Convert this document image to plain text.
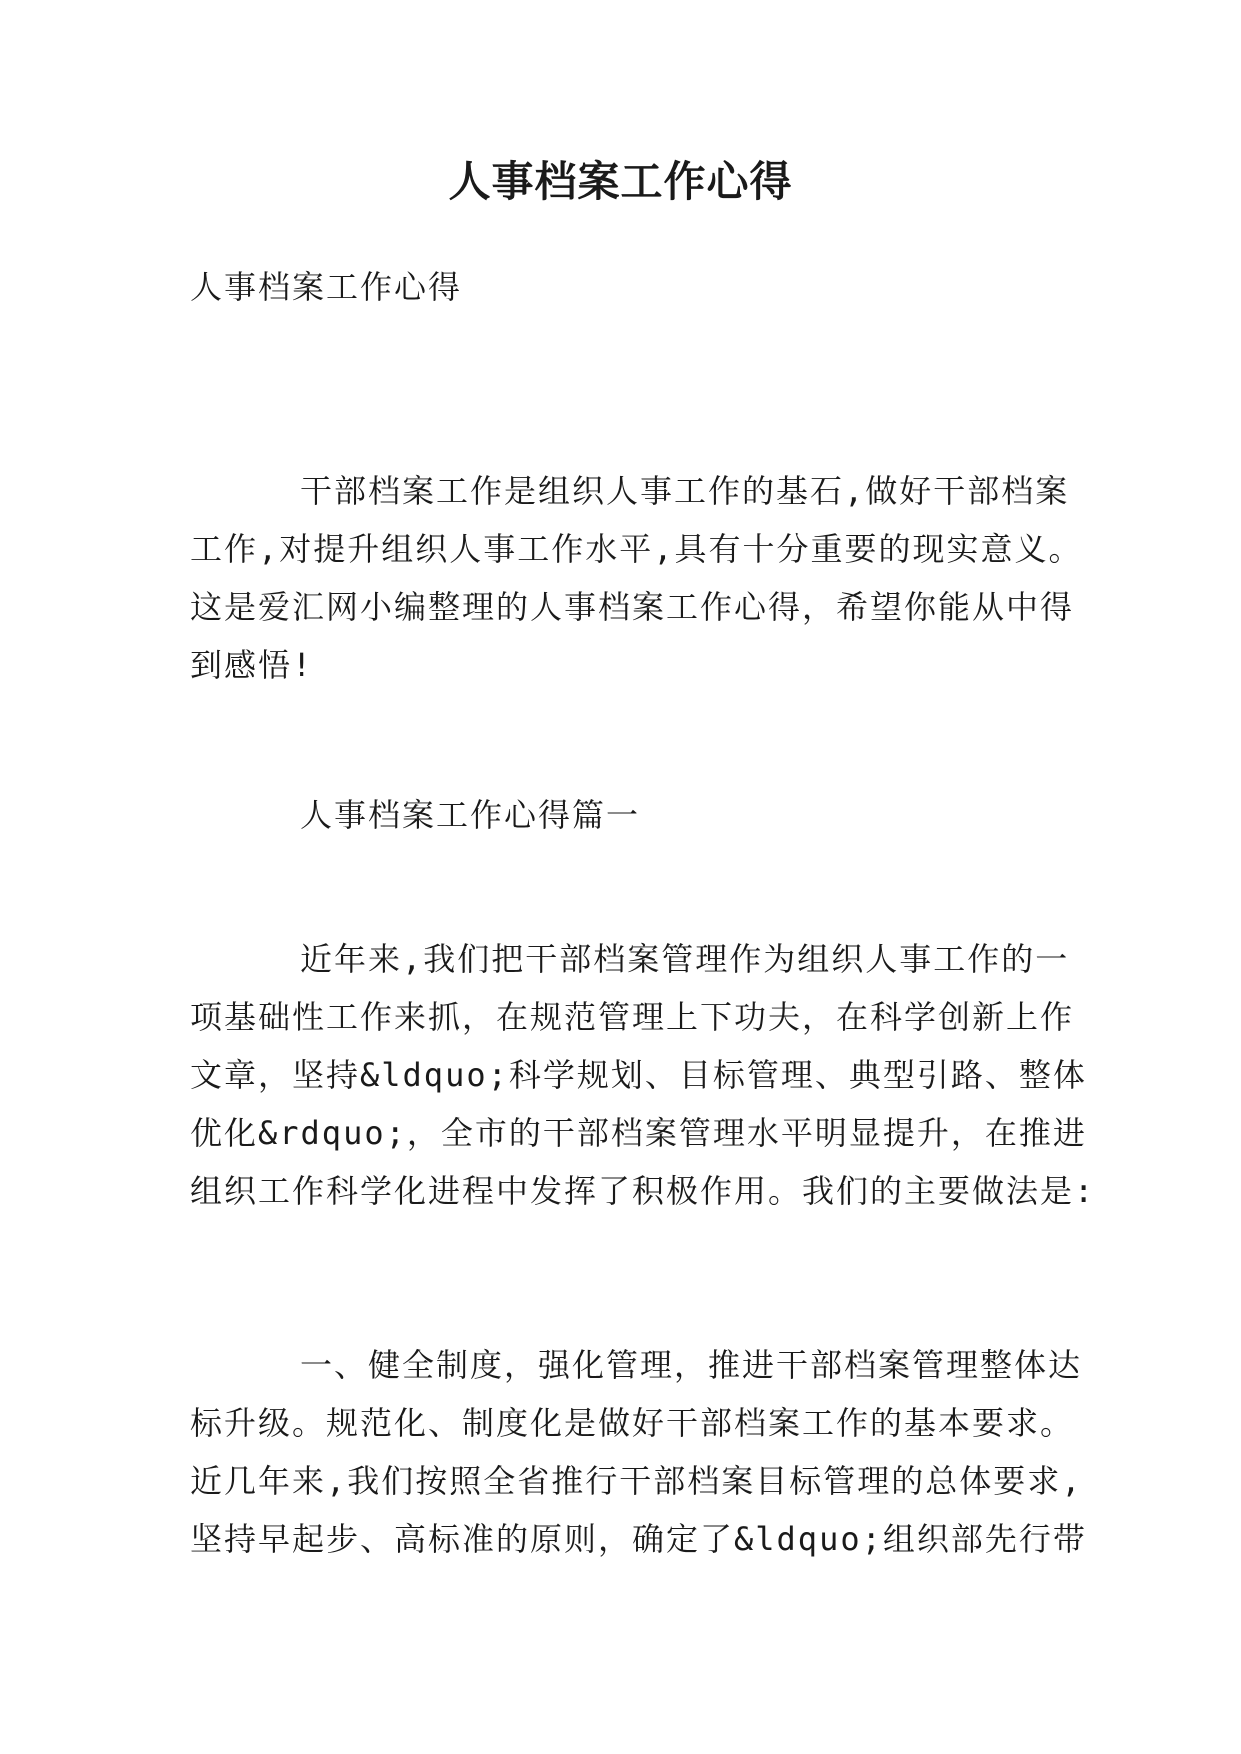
人事档案工作心得
人事档案工作心得
干部档案工作是组织人事工作的基石,做好干部档案
工作,对提升组织人事工作水平,具有十分重要的现实意义。
这是爱汇网小编整理的人事档案工作心得，希望你能从中得
到感悟!
人事档案工作心得篇一
近年来,我们把干部档案管理作为组织人事工作的一
项基础性工作来抓，在规范管理上下功夫，在科学创新上作
文章，坚持&ldquo;科学规划、目标管理、典型引路、整体
优化&rdquo;，全市的干部档案管理水平明显提升，在推进
组织工作科学化进程中发挥了积极作用。我们的主要做法是:
一、健全制度，强化管理，推进干部档案管理整体达
标升级。规范化、制度化是做好干部档案工作的基本要求。
近几年来,我们按照全省推行干部档案目标管理的总体要求,
坚持早起步、高标准的原则，确定了&ldquo;组织部先行带
